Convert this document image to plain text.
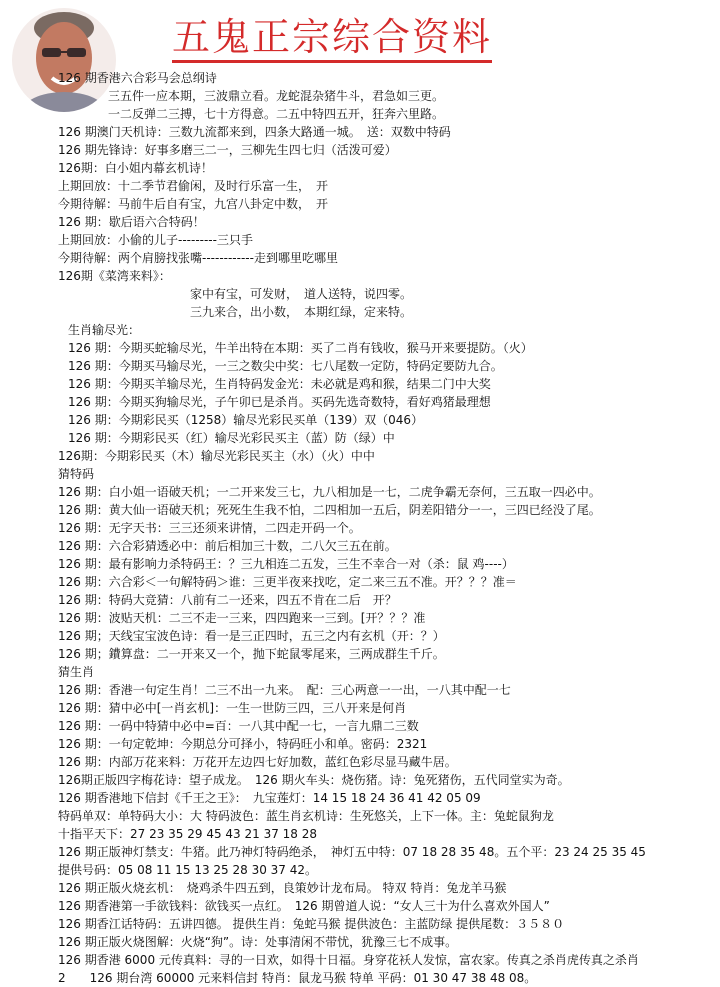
五鬼正宗综合资料
126 期香港六合彩马会总纲诗
三五件一应本期，三波鼎立看。龙蛇混杂猪牛斗，君急如三更。
一二反弹二三搏，七十方得意。二五中特四五开，狂奔六里路。
126 期澳门天机诗：三数九流都来到，四条大路通一城。　送：双数中特码
126 期先锋诗：好事多磨三二一，三柳先生四七归（活泼可爱）
126期：白小姐内幕玄机诗！
上期回放：十二季节君偷闲，及时行乐富一生，　开
今期待解：马前牛后自有宝，九宫八卦定中数，　开
126 期：歇后语六合特码！
上期回放：小偷的儿子---------三只手
今期待解：两个肩膀找张嘴------------走到哪里吃哪里
126期《菜湾来料》：
家中有宝，可发财，　道人送特，说四零。
三九来合，出小数，　本期红绿，定来特。
生肖输尽光：
126 期：今期买蛇输尽光，牛羊出特在本期：买了二肖有钱收，猴马开来要提防。（火）
126 期：今期买马输尽光，一三之数尖中奖：七八尾数一定防，特码定要防九合。
126 期：今期买羊输尽光，生肖特码发金光：未必就是鸡和猴，结果二门中大奖
126 期：今期买狗输尽光，子午卯已是杀肖。买码先选奇数特，看好鸡猪最理想
126 期：今期彩民买（1258）输尽光彩民买单（139）双（046）
126 期：今期彩民买（红）输尽光彩民买主（蓝）防（绿）中
126期：今期彩民买（木）输尽光彩民买主（水）（火）中中
猜特码
126 期：白小姐一语破天机；一二开来发三七，九八相加是一七，二虎争霸无奈何，三五取一四必中。
126 期：黄大仙一语破天机；死死生生我不怕，二四相加一五后，阴差阳错分一一，三四已经没了尾。
126 期：无字天书：三三还须来讲情，二四走开码一个。
126 期：六合彩猜透必中：前后相加三十数，二八欠三五在前。
126 期：最有影响力杀特码王：？三九相连二五发，三生不幸合一对（杀：鼠 鸡----）
126 期：六合彩＜一句解特码＞谁：三更半夜来找吃，定二来三五不准。开？？？准＝
126 期：特码大竞猜：八前有二一还来，四五不肯在二后　开？
126 期：波贴天机：二三不走一三来，四四跑来一三到。[开？？？准
126 期；天线宝宝波色诗：看一是三正四时，五三之内有玄机（开：？）
126 期；鐨算盘：二一开来又一个，抛下蛇鼠零尾来，三两成群生千斤。
猜生肖
126 期：香港一句定生肖！二三不出一九来。　配：三心两意一一出，一八其中配一七
126 期：猜中必中[一肖玄机]：一生一世防三四，三八开来是何肖
126 期：一码中特猜中必中=百：一八其中配一七，一言九鼎二三数
126 期：一句定乾坤：今期总分可择小，特码旺小和单。密码：2321
126 期：内部万花来料：万花开左边四七好加数，蓝红色彩尽显马藏牛居。
126期正版四字梅花诗：望子成龙。　126 期火车头：烧伤猪。诗：兔死猪伤，五代同堂实为奇。
126 期香港地下信封《千王之王》：　九宝莲灯：14 15 18 24 36 41 42 05 09
特码单双：单特码大小：大 特码波色：蓝生肖玄机诗：生死悠关，上下一体。主：兔蛇鼠狗龙
十指平天下：27 23 35 29 45 43 21 37 18 28
126 期正版神灯禁支：牛猪。此乃神灯特码绝杀，　神灯五中特：07 18 28 35 48。五个平：23 24 25 35 45
提供号码：05 08 11 15 13 25 28 30 37 42。
126 期正版火烧玄机：　烧鸡杀牛四五到，良策妙计龙布局。 特双 特肖：兔龙羊马猴
126 期香港第一手欲钱料：欲钱买一点红。　126 期曾道人说：“女人三十为什么喜欢外国人”
126 期香江话特码：五讲四德。 提供生肖：兔蛇马猴 提供波色：主蓝防绿 提供尾数：３５８０
126 期正版火烧图解：火烧“狗”。诗：处事清闲不带忧，犹豫三七不成事。
126 期香港 6000 元传真料：寻的一日欢，如得十日福。身穿花袄人发惊，富农家。传真之杀肖虎传真之杀肖
2　　126 期台湾 60000 元来料信封 特肖：鼠龙马猴 特单 平码：01 30 47 38 48 08。
